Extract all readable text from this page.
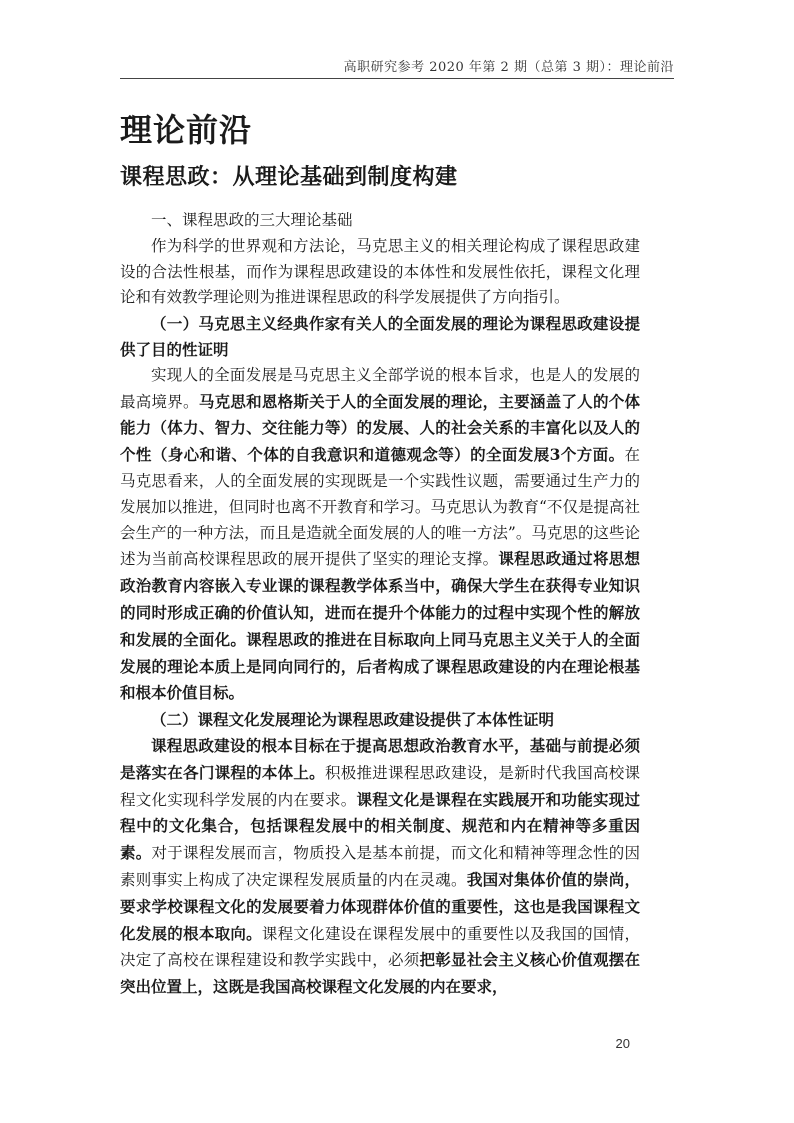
高职研究参考 2020 年第 2 期（总第 3 期）：理论前沿
理论前沿
课程思政：从理论基础到制度构建

一、课程思政的三大理论基础

作为科学的世界观和方法论，马克思主义的相关理论构成了课程思政建设的合法性根基，而作为课程思政建设的本体性和发展性依托，课程文化理论和有效教学理论则为推进课程思政的科学发展提供了方向指引。

（一）马克思主义经典作家有关人的全面发展的理论为课程思政建设提供了目的性证明

实现人的全面发展是马克思主义全部学说的根本旨求，也是人的发展的最高境界。马克思和恩格斯关于人的全面发展的理论，主要涵盖了人的个体能力（体力、智力、交往能力等）的发展、人的社会关系的丰富化以及人的个性（身心和谐、个体的自我意识和道德观念等）的全面发展3个方面。在马克思看来，人的全面发展的实现既是一个实践性议题，需要通过生产力的发展加以推进，但同时也离不开教育和学习。马克思认为教育“不仅是提高社会生产的一种方法，而且是造就全面发展的人的唯一方法”。马克思的这些论述为当前高校课程思政的展开提供了坚实的理论支撑。课程思政通过将思想政治教育内容嵌入专业课的课程教学体系当中，确保大学生在获得专业知识的同时形成正确的价值认知，进而在提升个体能力的过程中实现个性的解放和发展的全面化。课程思政的推进在目标取向上同马克思主义关于人的全面发展的理论本质上是同向同行的，后者构成了课程思政建设的内在理论根基和根本价值目标。

（二）课程文化发展理论为课程思政建设提供了本体性证明

课程思政建设的根本目标在于提高思想政治教育水平，基础与前提必须是落实在各门课程的本体上。积极推进课程思政建设，是新时代我国高校课程文化实现科学发展的内在要求。课程文化是课程在实践展开和功能实现过程中的文化集合，包括课程发展中的相关制度、规范和内在精神等多重因素。对于课程发展而言，物质投入是基本前提，而文化和精神等理念性的因素则事实上构成了决定课程发展质量的内在灵魂。我国对集体价值的崇尚，要求学校课程文化的发展要着力体现群体价值的重要性，这也是我国课程文化发展的根本取向。课程文化建设在课程发展中的重要性以及我国的国情，决定了高校在课程建设和教学实践中，必须把彰显社会主义核心价值观摆在突出位置上，这既是我国高校课程文化发展的内在要求，

20
